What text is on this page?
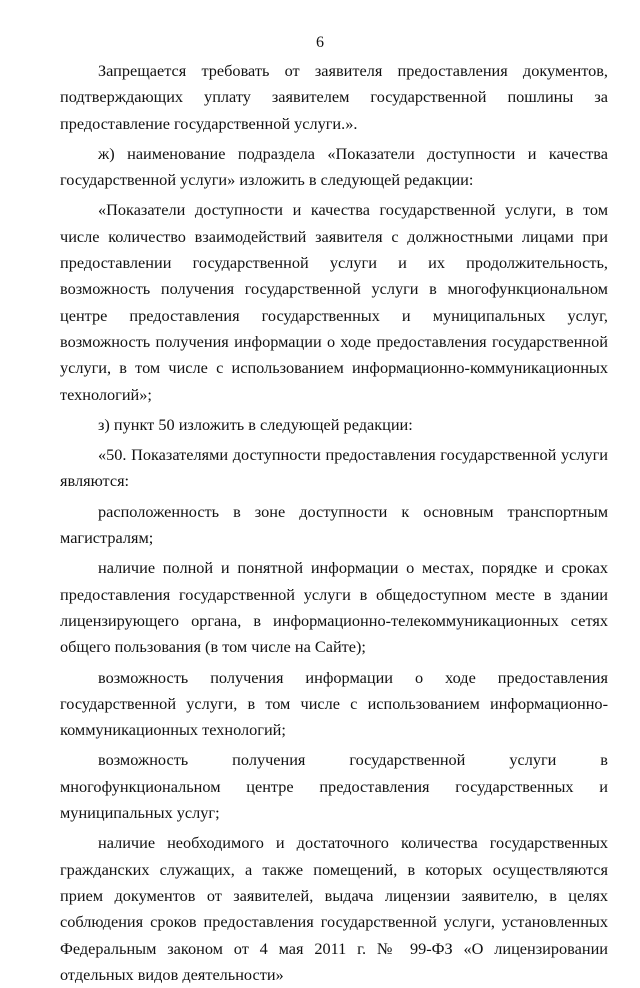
6

Запрещается требовать от заявителя предоставления документов, подтверждающих уплату заявителем государственной пошлины за предоставление государственной услуги.».

ж) наименование подраздела «Показатели доступности и качества государственной услуги» изложить в следующей редакции:

«Показатели доступности и качества государственной услуги, в том числе количество взаимодействий заявителя с должностными лицами при предоставлении государственной услуги и их продолжительность, возможность получения государственной услуги в многофункциональном центре предоставления государственных и муниципальных услуг, возможность получения информации о ходе предоставления государственной услуги, в том числе с использованием информационно-коммуникационных технологий»;

з) пункт 50 изложить в следующей редакции:

«50. Показателями доступности предоставления государственной услуги являются:

расположенность в зоне доступности к основным транспортным магистралям;

наличие полной и понятной информации о местах, порядке и сроках предоставления государственной услуги в общедоступном месте в здании лицензирующего органа, в информационно-телекоммуникационных сетях общего пользования (в том числе на Сайте);

возможность получения информации о ходе предоставления государственной услуги, в том числе с использованием информационно-коммуникационных технологий;

возможность получения государственной услуги в многофункциональном центре предоставления государственных и муниципальных услуг;

наличие необходимого и достаточного количества государственных гражданских служащих, а также помещений, в которых осуществляются прием документов от заявителей, выдача лицензии заявителю, в целях соблюдения сроков предоставления государственной услуги, установленных Федеральным законом от 4 мая 2011 г. № 99-ФЗ «О лицензировании отдельных видов деятельности»
